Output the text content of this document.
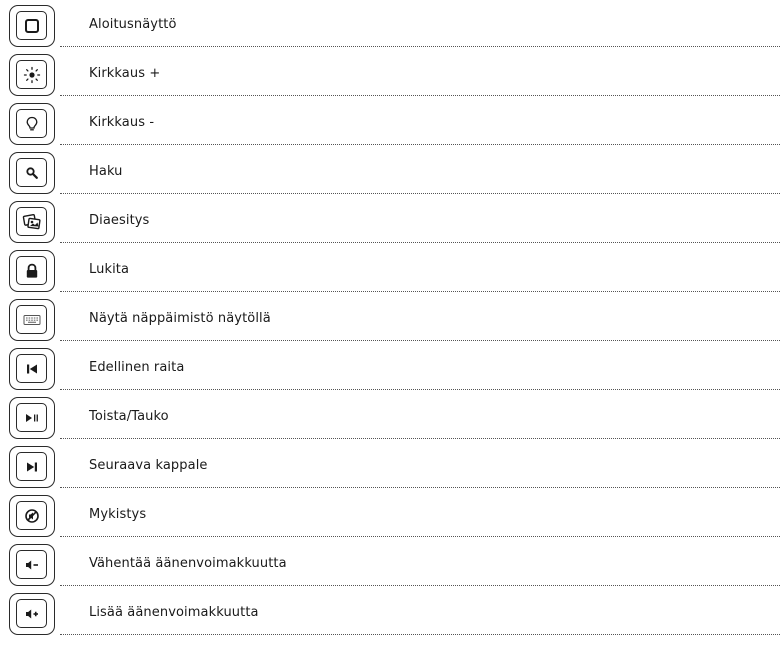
Aloitusnäyttö
Kirkkaus +
Kirkkaus -
Haku
Diaesitys
Lukita
Näytä näppäimistö näytöllä
Edellinen raita
Toista/Tauko
Seuraava kappale
Mykistys
Vähentää äänenvoimakkuutta
Lisää äänenvoimakkuutta
